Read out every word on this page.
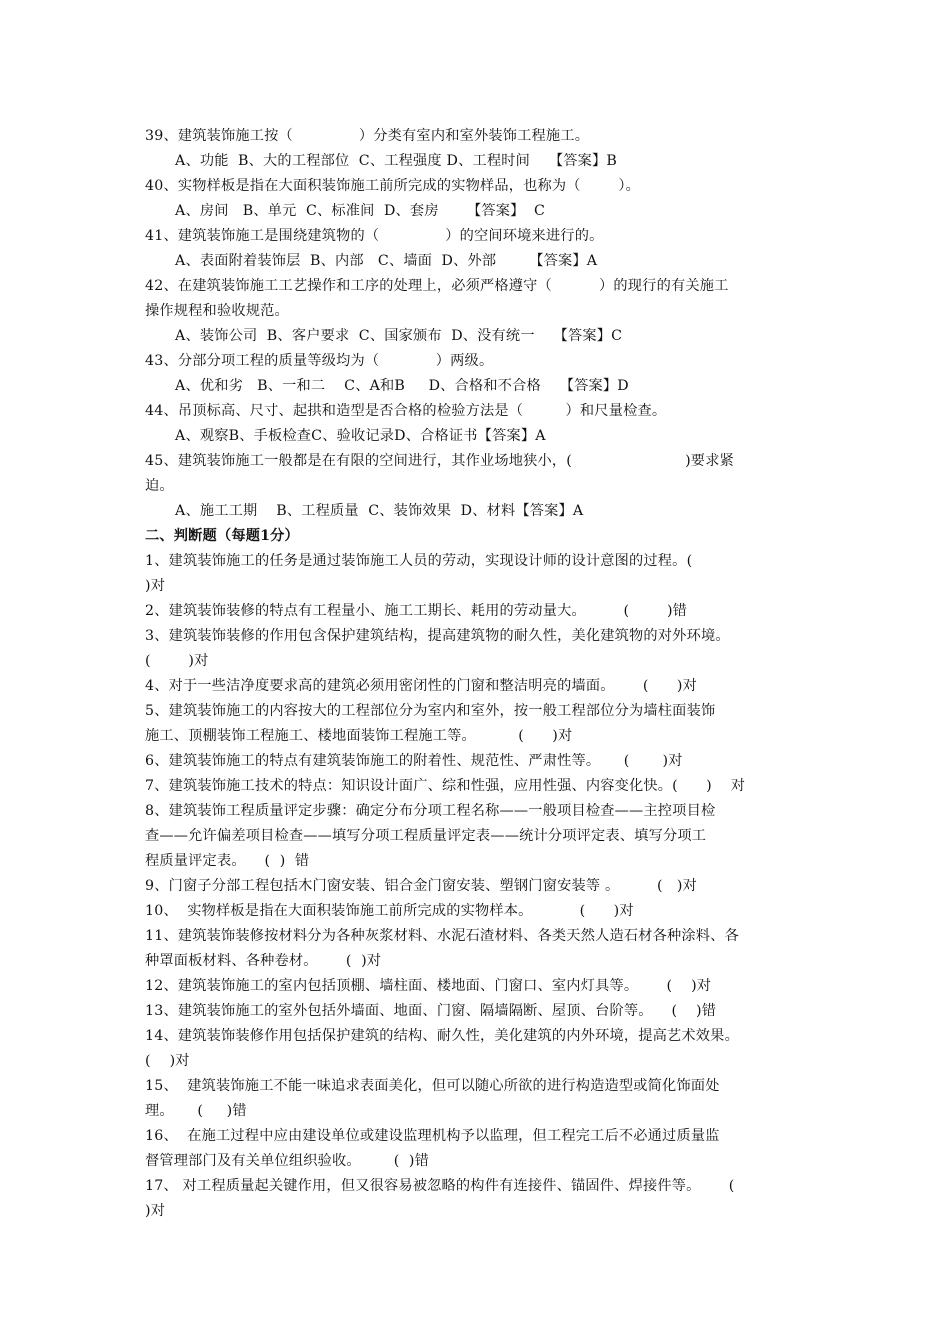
39、建筑装饰施工按（              ）分类有室内和室外装饰工程施工。
A、功能  B、大的工程部位  C、工程强度 D、工程时间    【答案】B
40、实物样板是指在大面积装饰施工前所完成的实物样品，也称为（        ）。
A、房间   B、单元  C、标准间  D、套房      【答案】  C
41、建筑装饰施工是围绕建筑物的（              ）的空间环境来进行的。
A、表面附着装饰层  B、内部   C、墙面  D、外部       【答案】A
42、在建筑装饰施工工艺操作和工序的处理上，必须严格遵守（          ）的现行的有关施工
操作规程和验收规范。
A、装饰公司  B、客户要求  C、国家颁布  D、没有统一    【答案】C
43、分部分项工程的质量等级均为（            ）两级。
A、优和劣   B、一和二    C、A和B     D、合格和不合格    【答案】D
44、吊顶标高、尺寸、起拱和造型是否合格的检验方法是（         ）和尺量检查。
A、观察B、手板检查C、验收记录D、合格证书【答案】A
45、建筑装饰施工一般都是在有限的空间进行，其作业场地狭小，(                        )要求紧
迫。
A、施工工期    B、工程质量  C、装饰效果  D、材料【答案】A
二、判断题（每题1分）
1、建筑装饰施工的任务是通过装饰施工人员的劳动，实现设计师的设计意图的过程。(
)对
2、建筑装饰装修的特点有工程量小、施工工期长、耗用的劳动量大。        (        )错
3、建筑装饰装修的作用包含保护建筑结构，提高建筑物的耐久性，美化建筑物的对外环境。
(        )对
4、对于一些洁净度要求高的建筑必须用密闭性的门窗和整洁明亮的墙面。      (      )对
5、建筑装饰施工的内容按大的工程部位分为室内和室外，按一般工程部位分为墙柱面装饰
施工、顶棚装饰工程施工、楼地面装饰工程施工等。         (      )对
6、建筑装饰施工的特点有建筑装饰施工的附着性、规范性、严肃性等。     (       )对
7、建筑装饰施工技术的特点：知识设计面广、综和性强，应用性强、内容变化快。(      )    对
8、建筑装饰工程质量评定步骤：确定分布分项工程名称——一般项目检查——主控项目检
查——允许偏差项目检查——填写分项工程质量评定表——统计分项评定表、填写分项工
程质量评定表。    (  )  错
9、门窗子分部工程包括木门窗安装、铝合金门窗安装、塑钢门窗安装等 。        (   )对
10、  实物样板是指在大面积装饰施工前所完成的实物样本。          (      )对
11、建筑装饰装修按材料分为各种灰浆材料、水泥石渣材料、各类天然人造石材各种涂料、各
种罩面板材料、各种卷材。      (  )对
12、建筑装饰施工的室内包括顶棚、墙柱面、楼地面、门窗口、室内灯具等。      (    )对
13、建筑装饰施工的室外包括外墙面、地面、门窗、隔墙隔断、屋顶、台阶等。    (    )错
14、建筑装饰装修作用包括保护建筑的结构、耐久性，美化建筑的内外环境，提高艺术效果。
(    )对
15、  建筑装饰施工不能一味追求表面美化，但可以随心所欲的进行构造造型或简化饰面处
理。     (     )错
16、  在施工过程中应由建设单位或建设监理机构予以监理，但工程完工后不必通过质量监
督管理部门及有关单位组织验收。       (  )错
17、 对工程质量起关键作用，但又很容易被忽略的构件有连接件、锚固件、焊接件等。      (
)对
